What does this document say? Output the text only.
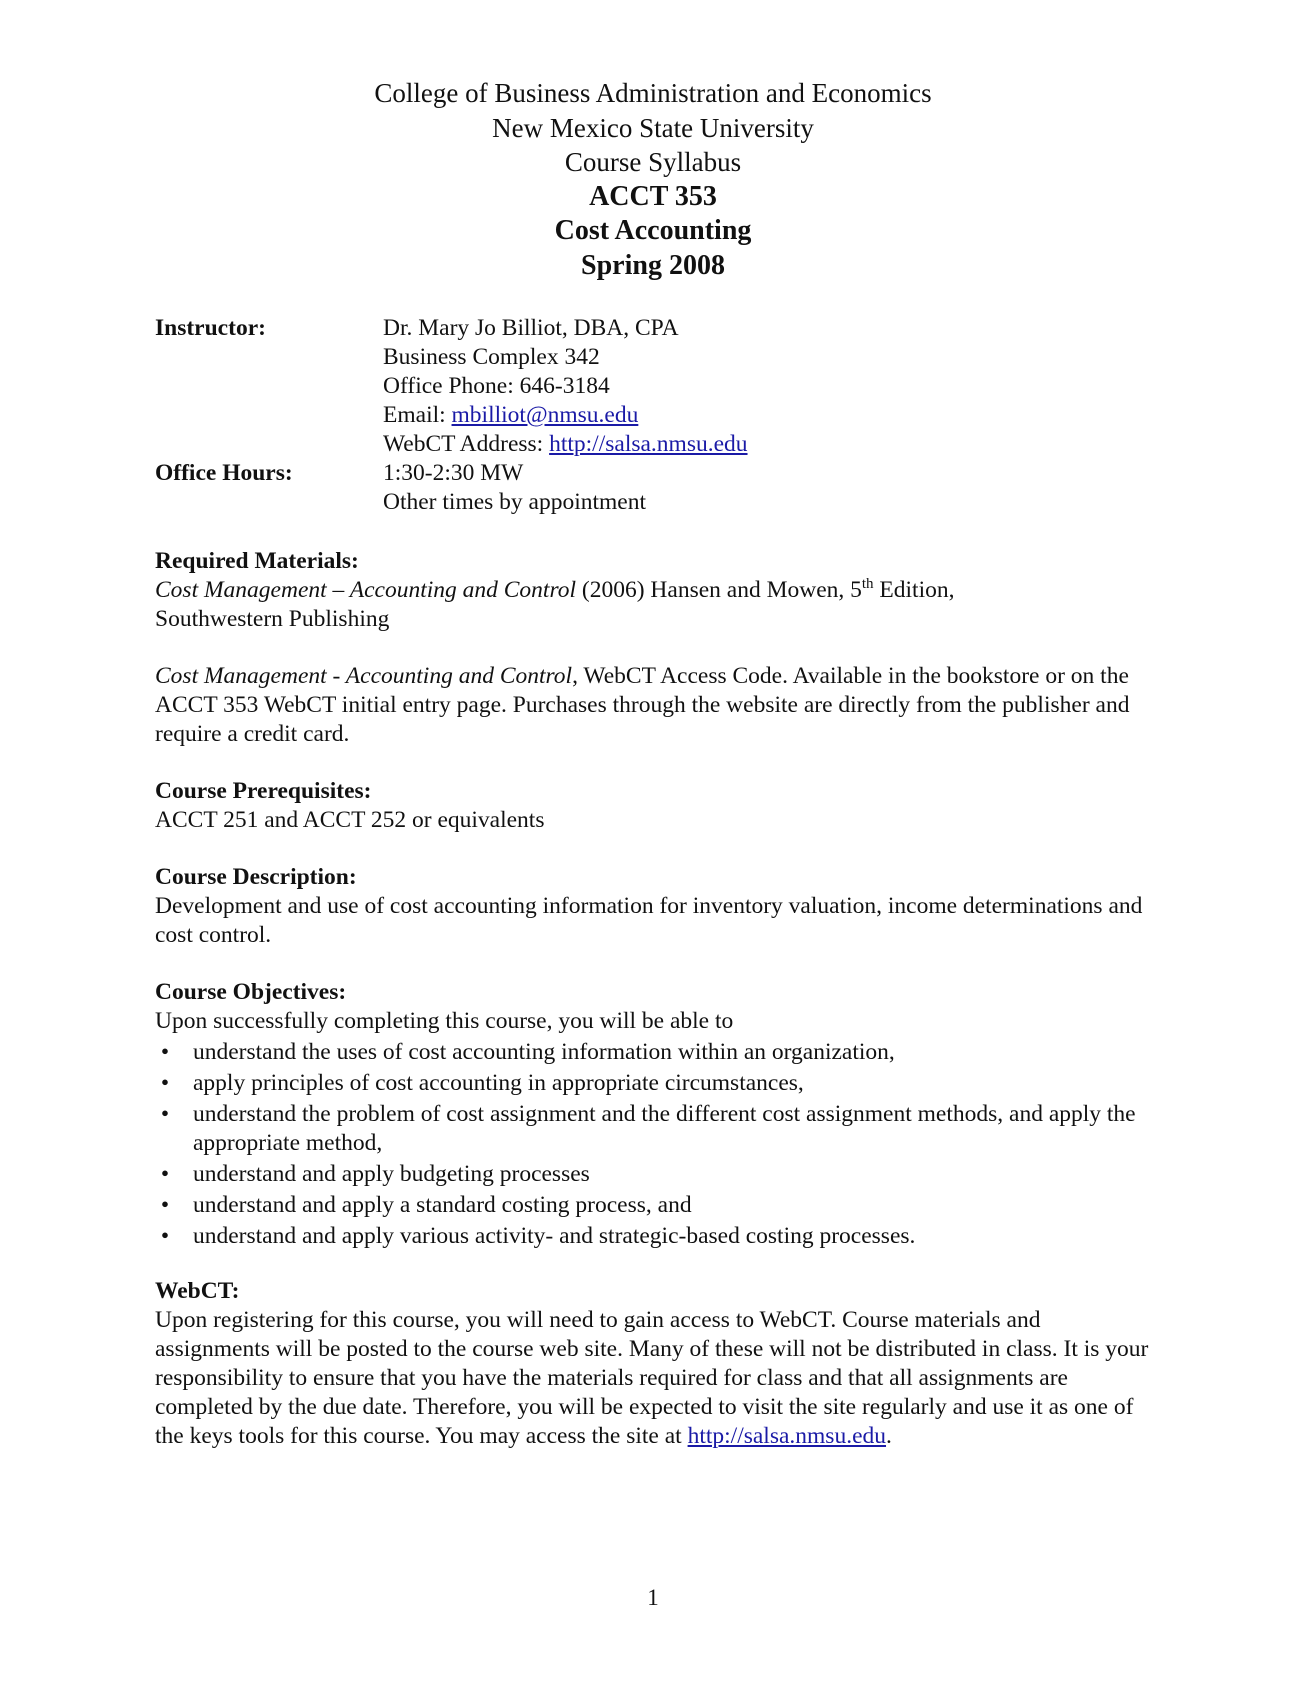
College of Business Administration and Economics
New Mexico State University
Course Syllabus
ACCT 353
Cost Accounting
Spring 2008
Instructor:	Dr. Mary Jo Billiot, DBA, CPA
Business Complex 342
Office Phone: 646-3184
Email: mbilliot@nmsu.edu
WebCT Address: http://salsa.nmsu.edu
Office Hours:	1:30-2:30 MW
Other times by appointment
Required Materials:
Cost Management – Accounting and Control (2006) Hansen and Mowen, 5th Edition,
Southwestern Publishing
Cost Management - Accounting and Control, WebCT Access Code. Available in the bookstore or on the ACCT 353 WebCT initial entry page. Purchases through the website are directly from the publisher and require a credit card.
Course Prerequisites:
ACCT 251 and ACCT 252 or equivalents
Course Description:
Development and use of cost accounting information for inventory valuation, income determinations and cost control.
Course Objectives:
Upon successfully completing this course, you will be able to
• understand the uses of cost accounting information within an organization,
• apply principles of cost accounting in appropriate circumstances,
• understand the problem of cost assignment and the different cost assignment methods, and apply the appropriate method,
• understand and apply budgeting processes
• understand and apply a standard costing process, and
• understand and apply various activity- and strategic-based costing processes.
WebCT:
Upon registering for this course, you will need to gain access to WebCT. Course materials and assignments will be posted to the course web site. Many of these will not be distributed in class. It is your responsibility to ensure that you have the materials required for class and that all assignments are completed by the due date. Therefore, you will be expected to visit the site regularly and use it as one of the keys tools for this course. You may access the site at http://salsa.nmsu.edu.
1
